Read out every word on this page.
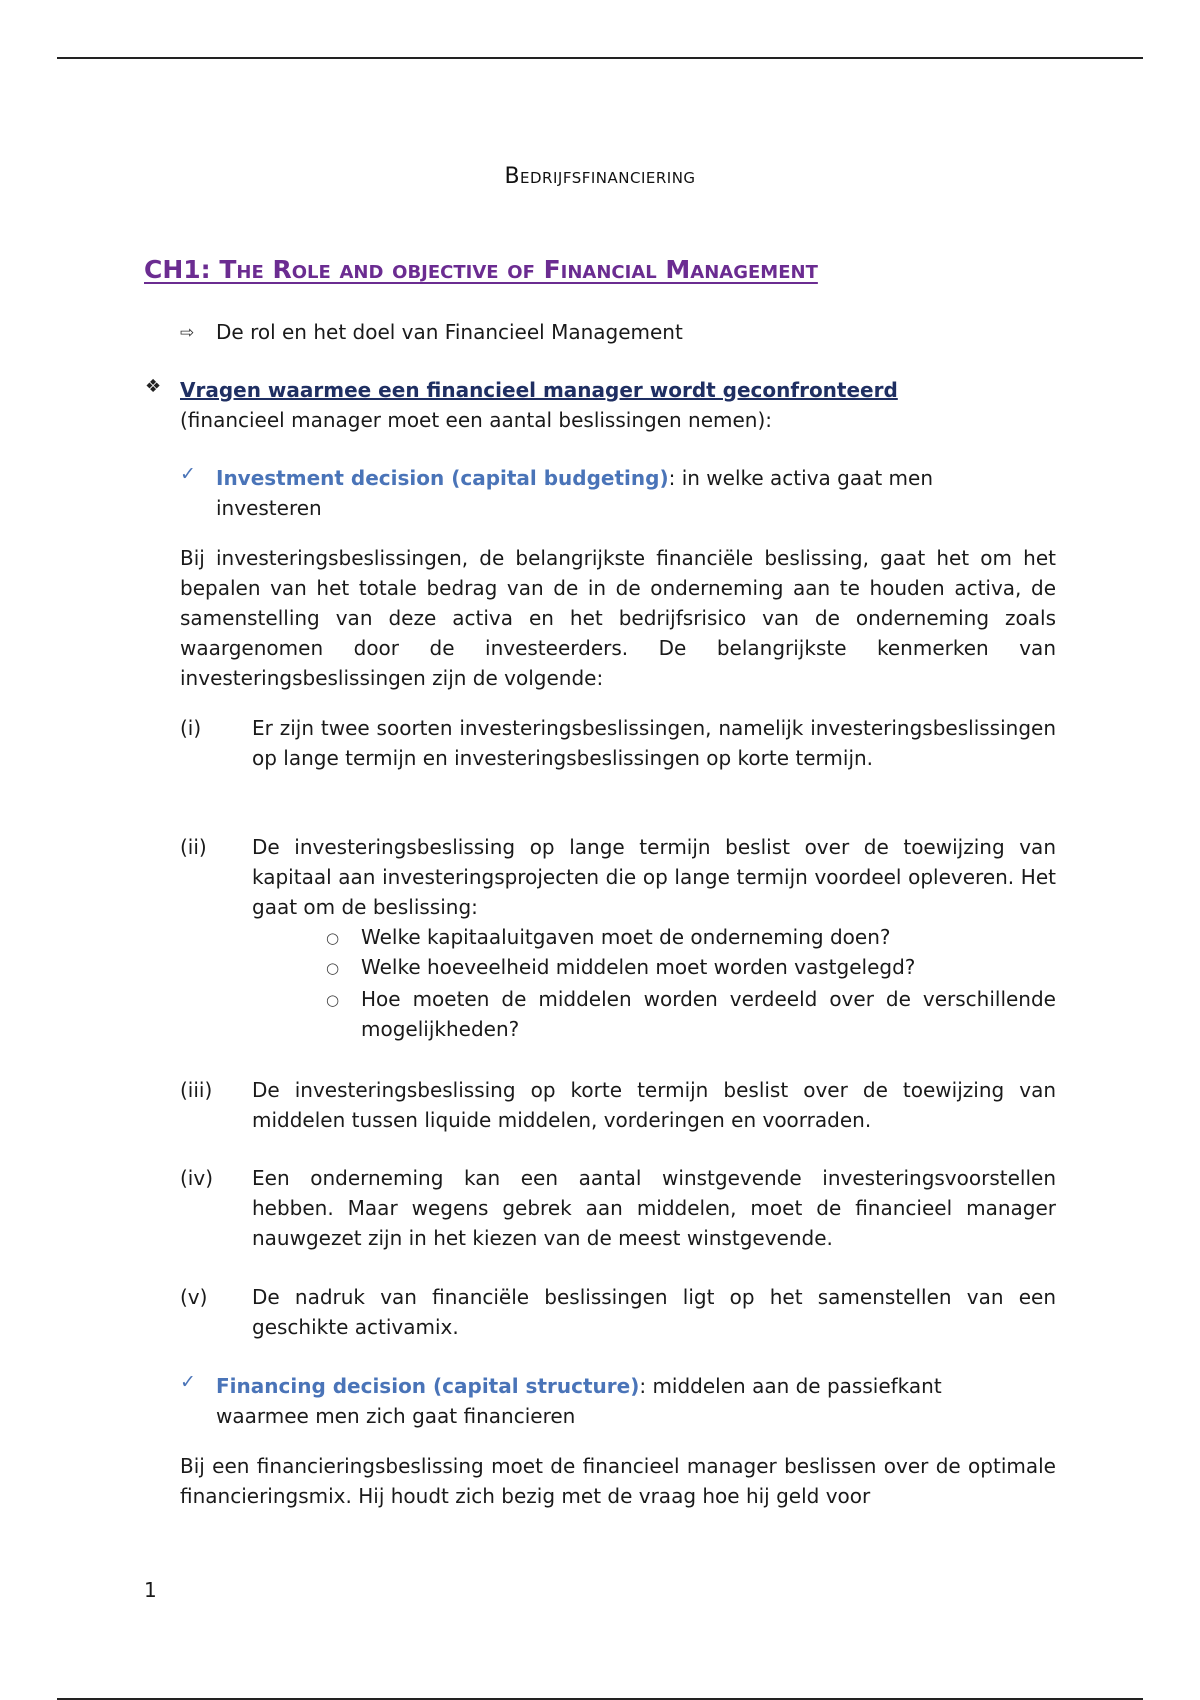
Bedrijfsfinanciering
CH1: The Role and objective of Financial Management
⇨ De rol en het doel van Financieel Management
❖ Vragen waarmee een financieel manager wordt geconfronteerd
(financieel manager moet een aantal beslissingen nemen):
✓ Investment decision (capital budgeting): in welke activa gaat men
investeren
Bij investeringsbeslissingen, de belangrijkste financiële beslissing, gaat het om het bepalen van het totale bedrag van de in de onderneming aan te houden activa, de samenstelling van deze activa en het bedrijfsrisico van de onderneming zoals waargenomen door de investeerders. De belangrijkste kenmerken van investeringsbeslissingen zijn de volgende:
(i)	Er zijn twee soorten investeringsbeslissingen, namelijk investeringsbeslissingen op lange termijn en investeringsbeslissingen op korte termijn.
(ii) De investeringsbeslissing op lange termijn beslist over de toewijzing van kapitaal aan investeringsprojecten die op lange termijn voordeel opleveren. Het gaat om de beslissing:
○ Welke kapitaaluitgaven moet de onderneming doen?
○ Welke hoeveelheid middelen moet worden vastgelegd?
○ Hoe moeten de middelen worden verdeeld over de verschillende mogelijkheden?
(iii) De investeringsbeslissing op korte termijn beslist over de toewijzing van middelen tussen liquide middelen, vorderingen en voorraden.
(iv) Een onderneming kan een aantal winstgevende investeringsvoorstellen hebben. Maar wegens gebrek aan middelen, moet de financieel manager nauwgezet zijn in het kiezen van de meest winstgevende.
(v) De nadruk van financiële beslissingen ligt op het samenstellen van een geschikte activamix.
✓ Financing decision (capital structure): middelen aan de passiefkant
waarmee men zich gaat financieren
Bij een financieringsbeslissing moet de financieel manager beslissen over de optimale financieringsmix. Hij houdt zich bezig met de vraag hoe hij geld voor
1
